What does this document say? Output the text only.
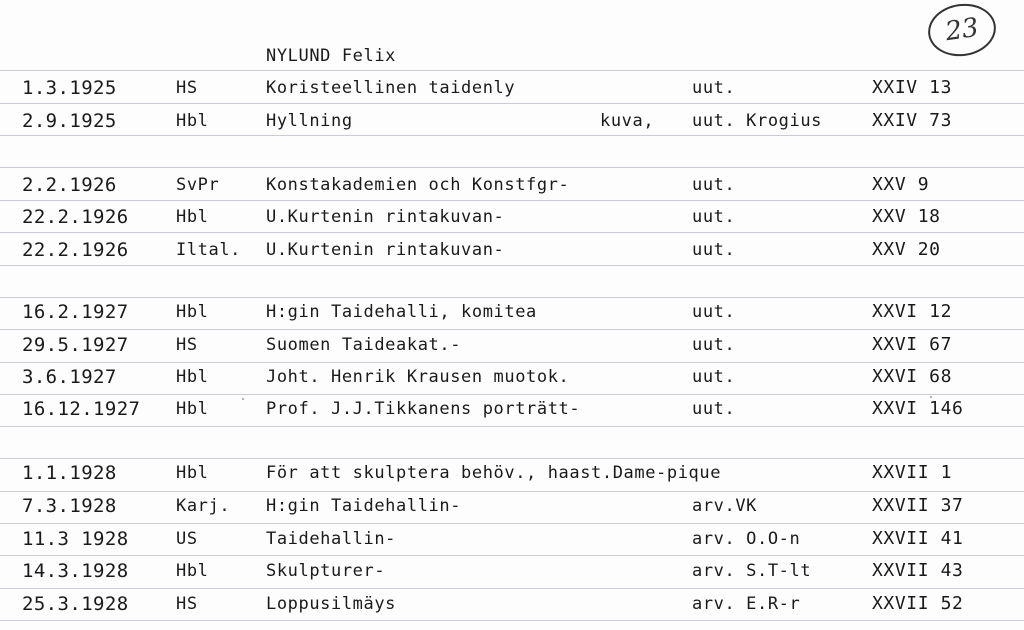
NYLUND Felix
23
1.3.1925	HS	Koristeellinen taidenly	uut.	XXIV 13
2.9.1925	Hbl	Hyllning	kuva, uut. Krogius	XXIV 73
2.2.1926	SvPr	Konstakademien och Konstfgr-	uut.	XXV 9
22.2.1926	Hbl	U.Kurtenin rintakuvan-	uut.	XXV 18
22.2.1926	Iltal. U.Kurtenin rintakuvan-	uut.	XXV 20
16.2.1927	Hbl	H:gin Taidehalli, komitea	uut.	XXVI 12
29.5.1927	HS	Suomen Taideakat.-	uut.	XXVI 67
3.6.1927	Hbl	Joht. Henrik Krausen muotok.	uut.	XXVI 68
16.12.1927 Hbl	Prof. J.J.Tikkanens porträtt-	uut.	XXVI 146
1.1.1928	Hbl	För att skulptera behöv., haast.Dame-pique	XXVII 1
7.3.1928	Karj. H:gin Taidehallin-	arv.VK	XXVII 37
11.3 1928	US	Taidehallin-	arv. O.O-n	XXVII 41
14.3.1928	Hbl	Skulpturer-	arv. S.T-lt	XXVII 43
25.3.1928	HS	Loppusilmäys	arv. E.R-r	XXVII 52
